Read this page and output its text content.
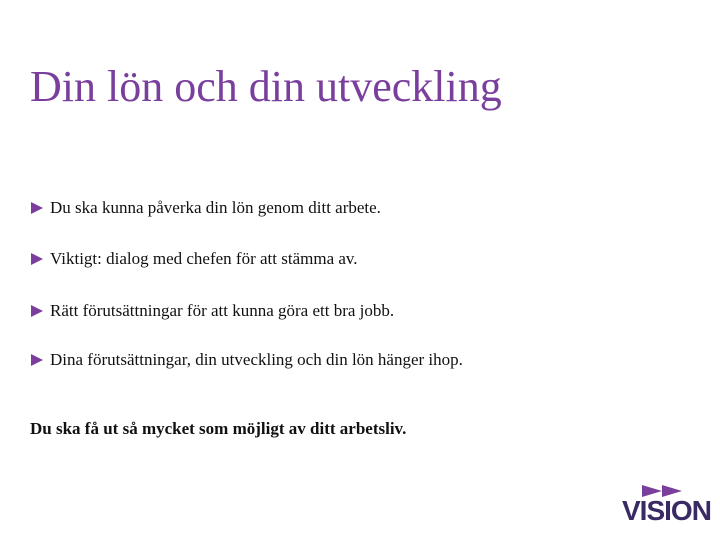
Din lön och din utveckling
Du ska kunna påverka din lön genom ditt arbete.
Viktigt: dialog med chefen för att stämma av.
Rätt förutsättningar för att kunna göra ett bra jobb.
Dina förutsättningar, din utveckling och din lön hänger ihop.
Du ska få ut så mycket som möjligt av ditt arbetsliv.
VISION
